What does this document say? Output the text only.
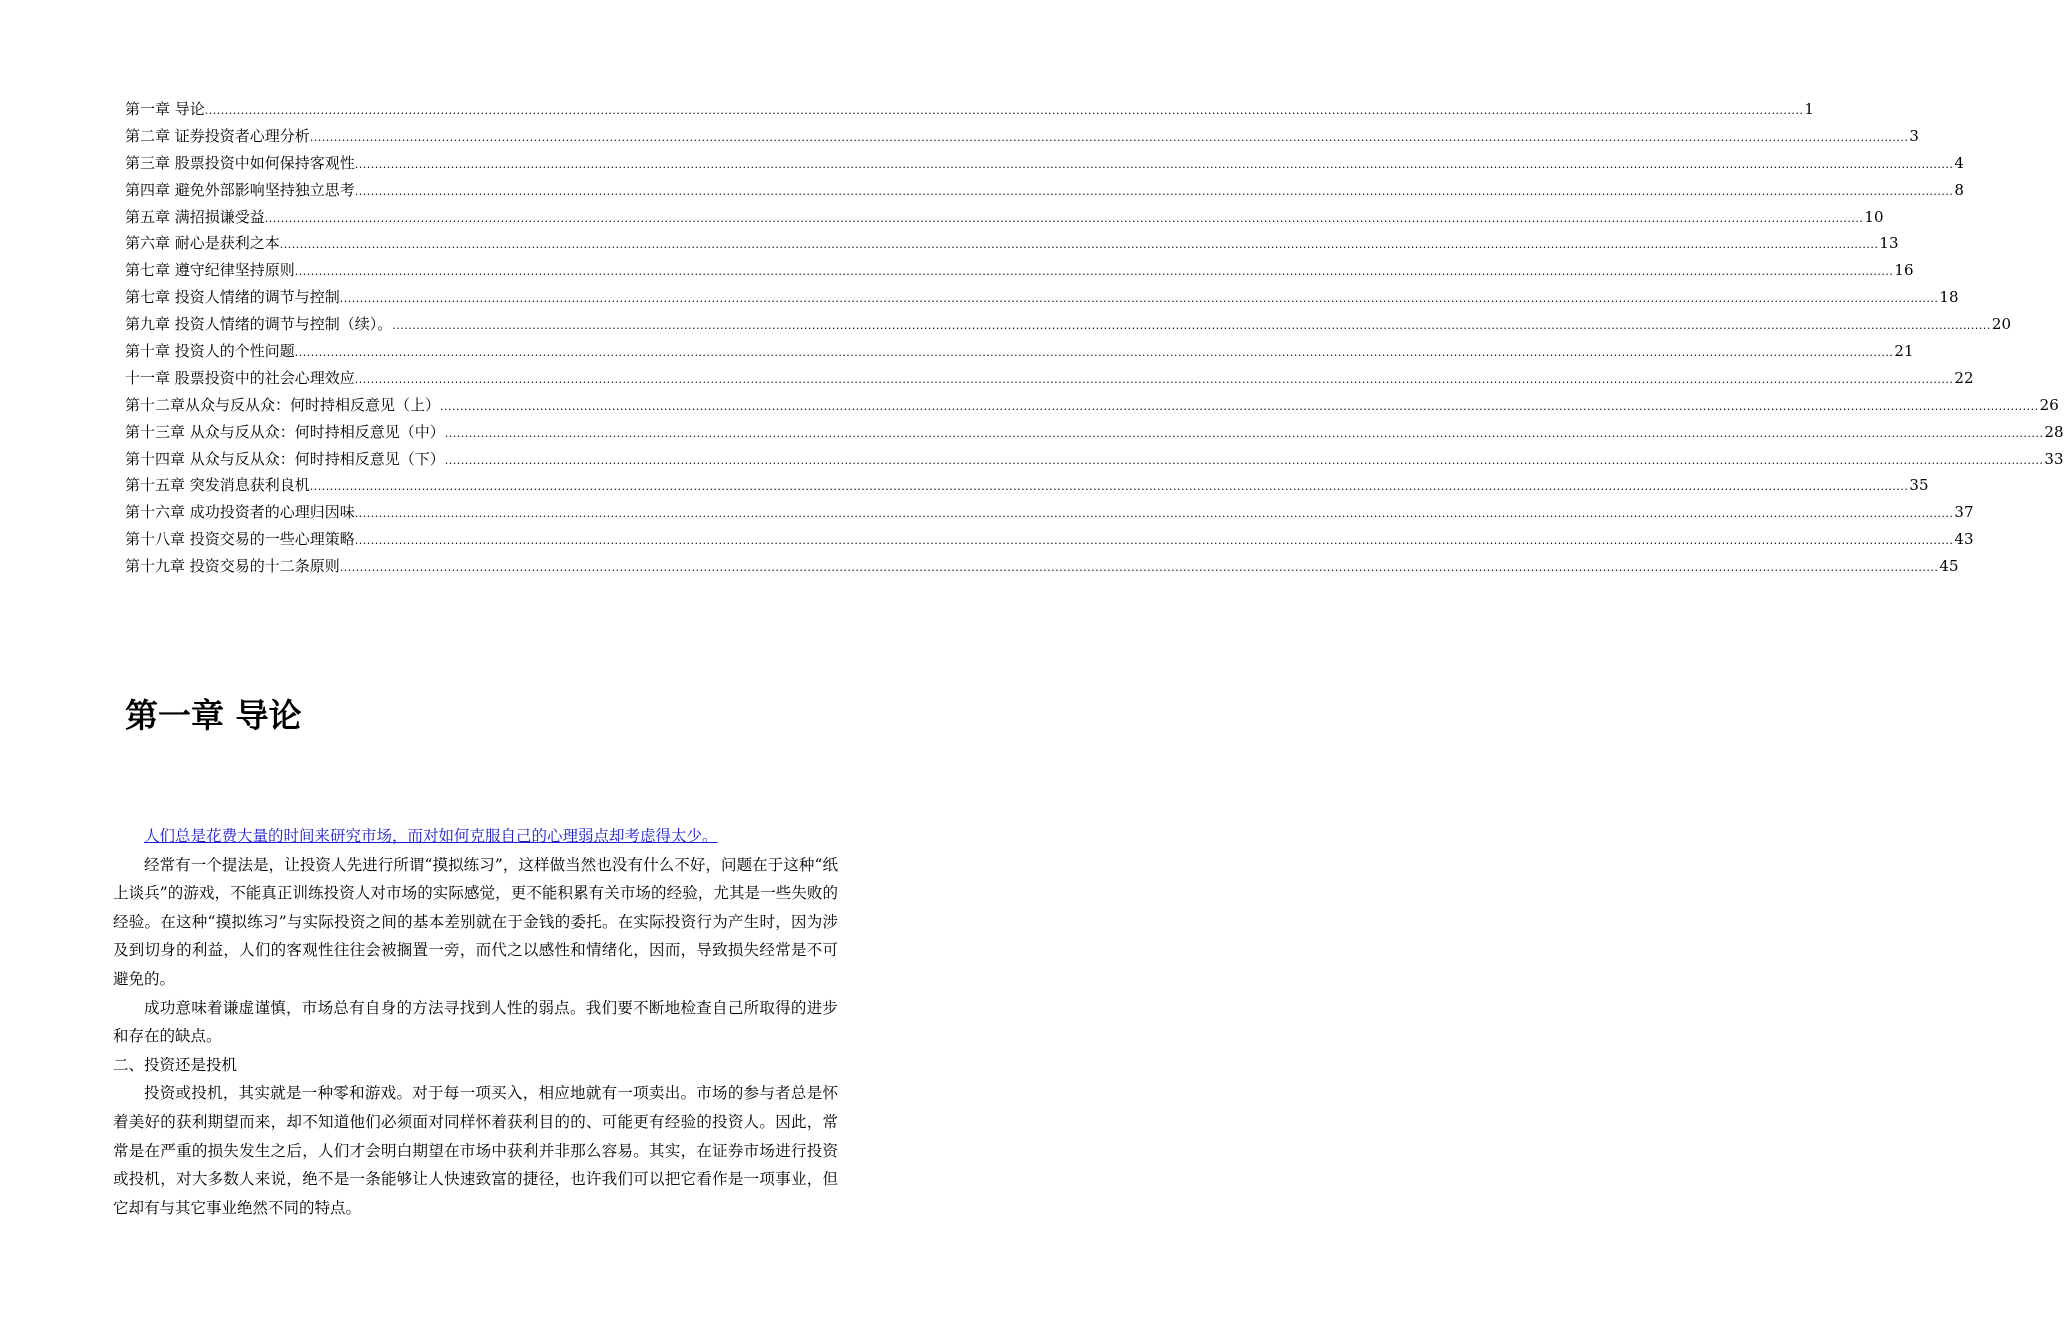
第一章 导论 ................................................................................................................................................................................................................................................................................................................................................................................................................ 1
第二章 证券投资者心理分析 ................................................................................................................................................................................................................................................................................................................................................................................................................ 3
第三章 股票投资中如何保持客观性 ................................................................................................................................................................................................................................................................................................................................................................................................................ 4
第四章 避免外部影响坚持独立思考 ................................................................................................................................................................................................................................................................................................................................................................................................................ 8
第五章 满招损谦受益 ................................................................................................................................................................................................................................................................................................................................................................................................................ 10
第六章 耐心是获利之本 ................................................................................................................................................................................................................................................................................................................................................................................................................ 13
第七章 遵守纪律坚持原则 ................................................................................................................................................................................................................................................................................................................................................................................................................ 16
第七章 投资人情绪的调节与控制 ................................................................................................................................................................................................................................................................................................................................................................................................................ 18
第九章 投资人情绪的调节与控制（续）。 ................................................................................................................................................................................................................................................................................................................................................................................................................ 20
第十章 投资人的个性问题 ................................................................................................................................................................................................................................................................................................................................................................................................................ 21
十一章 股票投资中的社会心理效应 ................................................................................................................................................................................................................................................................................................................................................................................................................ 22
第十二章从众与反从众：何时持相反意见（上） ................................................................................................................................................................................................................................................................................................................................................................................................................ 26
第十三章 从众与反从众：何时持相反意见（中） ................................................................................................................................................................................................................................................................................................................................................................................................................ 28
第十四章 从众与反从众：何时持相反意见（下） ................................................................................................................................................................................................................................................................................................................................................................................................................ 33
第十五章 突发消息获利良机 ................................................................................................................................................................................................................................................................................................................................................................................................................ 35
第十六章 成功投资者的心理归因味 ................................................................................................................................................................................................................................................................................................................................................................................................................ 37
第十八章 投资交易的一些心理策略 ................................................................................................................................................................................................................................................................................................................................................................................................................ 43
第十九章 投资交易的十二条原则 ................................................................................................................................................................................................................................................................................................................................................................................................................ 45
第一章 导论

人们总是花费大量的时间来研究市场，而对如何克服自己的心理弱点却考虑得太少。

经常有一个提法是，让投资人先进行所谓“摸拟练习”，这样做当然也没有什么不好，问题在于这种“纸上谈兵”的游戏，不能真正训练投资人对市场的实际感觉，更不能积累有关市场的经验，尤其是一些失败的经验。在这种“摸拟练习”与实际投资之间的基本差别就在于金钱的委托。在实际投资行为产生时，因为涉及到切身的利益，人们的客观性往往会被搁置一旁，而代之以感性和情绪化，因而，导致损失经常是不可避免的。

成功意味着谦虚谨慎，市场总有自身的方法寻找到人性的弱点。我们要不断地检查自己所取得的进步和存在的缺点。

二、投资还是投机

投资或投机，其实就是一种零和游戏。对于每一项买入，相应地就有一项卖出。市场的参与者总是怀着美好的获利期望而来，却不知道他们必须面对同样怀着获利目的的、可能更有经验的投资人。因此，常常是在严重的损失发生之后，人们才会明白期望在市场中获利并非那么容易。其实，在证券市场进行投资或投机，对大多数人来说，绝不是一条能够让人快速致富的捷径，也许我们可以把它看作是一项事业，但它却有与其它事业绝然不同的特点。
